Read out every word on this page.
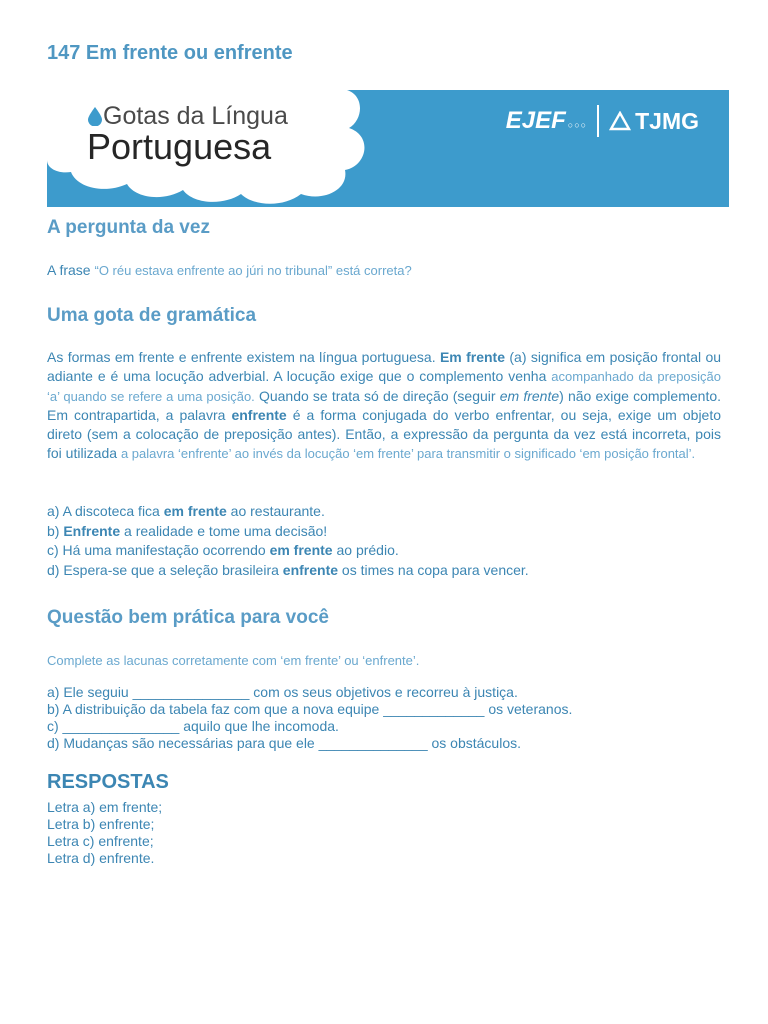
147 Em frente ou enfrente
Gotas da Língua
Portuguesa
EJEF ○○○ TJMG
A pergunta da vez

A frase “O réu estava enfrente ao júri no tribunal” está correta?

Uma gota de gramática

As formas em frente e enfrente existem na língua portuguesa. Em frente (a) significa em posição frontal ou adiante e é uma locução adverbial. A locução exige que o complemento venha acompanhado da preposição ‘a’ quando se refere a uma posição. Quando se trata só de direção (seguir em frente) não exige complemento. Em contrapartida, a palavra enfrente é a forma conjugada do verbo enfrentar, ou seja, exige um objeto direto (sem a colocação de preposição antes). Então, a expressão da pergunta da vez está incorreta, pois foi utilizada a palavra ‘enfrente’ ao invés da locução ‘em frente’ para transmitir o significado ‘em posição frontal’.

a) A discoteca fica em frente ao restaurante.
b) Enfrente a realidade e tome uma decisão!
c) Há uma manifestação ocorrendo em frente ao prédio.
d) Espera-se que a seleção brasileira enfrente os times na copa para vencer.
Questão bem prática para você

Complete as lacunas corretamente com ‘em frente’ ou ‘enfrente’.

a) Ele seguiu _______________ com os seus objetivos e recorreu à justiça.
b) A distribuição da tabela faz com que a nova equipe _____________ os veteranos.
c) _______________ aquilo que lhe incomoda.
d) Mudanças são necessárias para que ele ______________ os obstáculos.
RESPOSTAS
Letra a) em frente;
Letra b) enfrente;
Letra c) enfrente;
Letra d) enfrente.
